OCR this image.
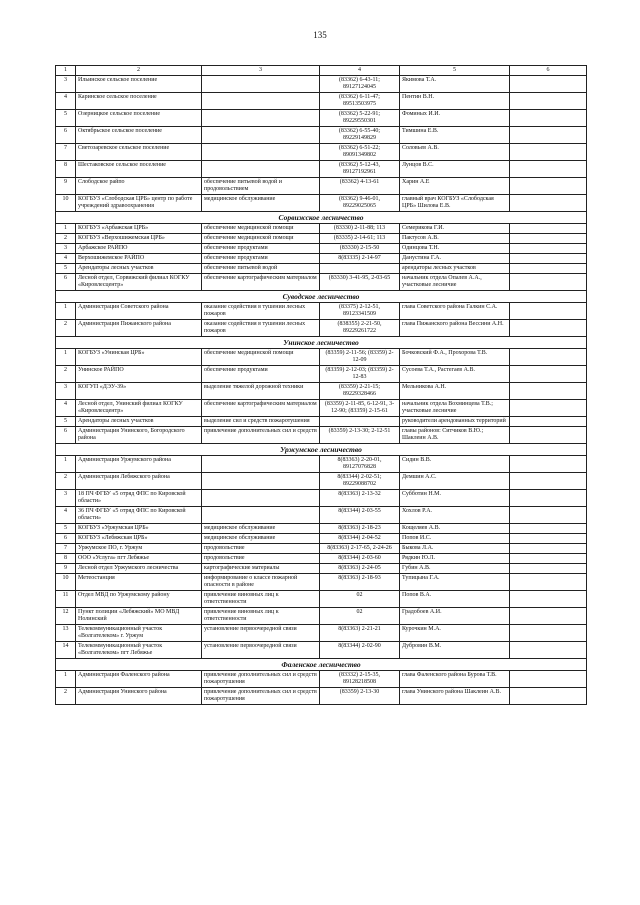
135
1	2	3	4	5	6
3	Ильинское сельское поселение		(83362) 6-43-11; 89127124045	Якимова Т.А.	
4	Каринское сельское поселение		(83362) 6-11-47; 89513503975	Пентин В.Н.	
5	Озерницкое сельское поселение		(83362) 5-22-91; 89229550301	Фоминых И.И.	
6	Октябрьское сельское поселение		(83362) 6-55-40; 89229149829	Тимшина Е.В.	
7	Светозаревское сельское поселение		(83362) 6-51-22; 89091349802	Соловьев А.В.	
8	Шестаковское сельское поселение		(83362) 5-12-43, 89127192961	Лунцов В.С.	
9	Слободское райпо	обеспечение питьевой водой и продовольствием	(83362) 4-13-61	Харин А.Е	
10	КОГБУЗ «Слободская ЦРБ» центр по работе учреждений здравоохранения	медицинское обслуживание	(83362) 9-46-01, 89229025065	главный врач КОГБУЗ «Слободская ЦРБ» Шилова Е.В.	
Сорвижское лесничество					
1	КОГБУЗ «Арбажская ЦРБ»	обеспечение медицинской помощи	(83330) 2-11-88; 113	Семерикова Г.И.	
2	КОГБУЗ «Верхошижемская ЦРБ»	обеспечение медицинской помощи	(83335) 2-14-61; 113	Пактусов А.В.	
3	Арбажское РАЙПО	обеспечение продуктами	(83330) 2-15-50	Одинцова Т.Н.	
4	Верхошижемское РАЙПО	обеспечение продуктами	8(83335) 2-14-97	Данустина Г.А.	
5	Арендаторы лесных участков	обеспечение питьевой водой		арендаторы лесных участков	
6	Лесной отдел, Сорвижский филиал КОГКУ «Кировлесцентр»	обеспечение картографическим материалом	(83330) 3-41-95, 2-03-65	начальник отдела Опалев А.А., участковые лесничие	
Суводское лесничество					
1	Администрация Советского района	оказание содействия в тушении лесных пожаров	(83375) 2-12-51, 89123341509	глава Советского района Галкин С.А.	
2	Администрация Пижанского района	оказание содействия в тушении лесных пожаров	(838355) 2-21-50, 89229261722	глава Пижанского района Вессини А.Н.	
Унинское лесничество					
1	КОГБУЗ «Унинская ЦРБ»	обеспечение медицинской помощи	(83359) 2-11-56; (83359) 2-12-09	Бочковский Ф.А., Прохорова Т.В.	
2	Унинское РАЙПО	обеспечение продуктами	(83359) 2-12-03; (83359) 2-12-83	Сусоева Т.А., Растегаев А.В.	
3	КОГУП «ДЭУ-39»	выделение тяжелой дорожной техники	(83359) 2-21-15; 89229328466	Мельникова А.Н.	
4	Лесной отдел, Унинский филиал КОГКУ «Кировлесцентр»	обеспечение картографическим материалом	(83359) 2-11-85, 6-12-91, 3-12-90; (83359) 2-15-61	начальник отдела Вохминцева Т.В.; участковые лесничие	
5	Арендаторы лесных участков	выделение сил и средств пожаротушения		руководители арендованных территорий	
6	Администрация Унинского, Богородского района	привлечение дополнительных сил и средств	(83359) 2-13-30; 2-12-51	главы районов: Ситчиков В.Ю.; Шаклеин А.В.	
Уржумское лесничество					
1	Администрация Уржумского района		8(83363) 2-20-01, 89127076828	Сидин В.В.	
2	Администрация Лебяжского района		8(83344) 2-02-51; 89229088702	Демшин А.С.	
3	18 ПЧ ФГБУ «5 отряд ФПС по Кировской области»		8(83363) 2-13-32	Субботин Н.М.	
4	36 ПЧ ФГБУ «5 отряд ФПС по Кировской области»		8(83344) 2-03-55	Хохлов Р.А.	
5	КОГБУЗ «Уржумская ЦРБ»	медицинское обслуживание	8(83363) 2-18-23	Кощеляев А.В.	
6	КОГБУЗ «Лебяжская ЦРБ»	медицинское обслуживание	8(83344) 2-04-52	Попов И.С.	
7	Уржумское ПО, г. Уржум	продовольствие	8(83363) 2-17-65, 2-24-26	Быкова Л.А.	
8	ООО «Услуга» пгт Лебяжье	продовольствие	8(83344) 2-03-60	Рядкин Ю.Л.	
9	Лесной отдел Уржумского лесничества	картографические материалы	8(83363) 2-24-05	Губин А.В.	
10	Метеостанция	информирование о классе пожарной опасности в районе	8(83363) 2-18-93	Тупицына Г.А.	
11	Отдел МВД по Уржумскому району	привлечение виновных лиц к ответственности	02	Попов В.А.	
12	Пункт полиции «Лебяжский» МО МВД Нолинский	привлечение виновных лиц к ответственности	02	Градобоев А.И.	
13	Телекоммуникационный участок «Волгателеком» г. Уржум	установление первоочередной связи	8(83363) 2-21-21	Курочкин М.А.	
14	Телекоммуникационный участок «Волгателеком» пгт Лебяжье	установление первоочередной связи	8(83344) 2-02-90	Дубровин В.М.	
Фаленское лесничество					
1	Администрация Фаленского района	привлечение дополнительных сил и средств пожаротушения	(83332) 2-15-35, 89128218508	глава Фаленского района Бурова Т.В.	
2	Администрация Унинского района	привлечение дополнительных сил и средств пожаротушения	(83359) 2-13-30	глава Унинского района Шаклеин А.В.	
